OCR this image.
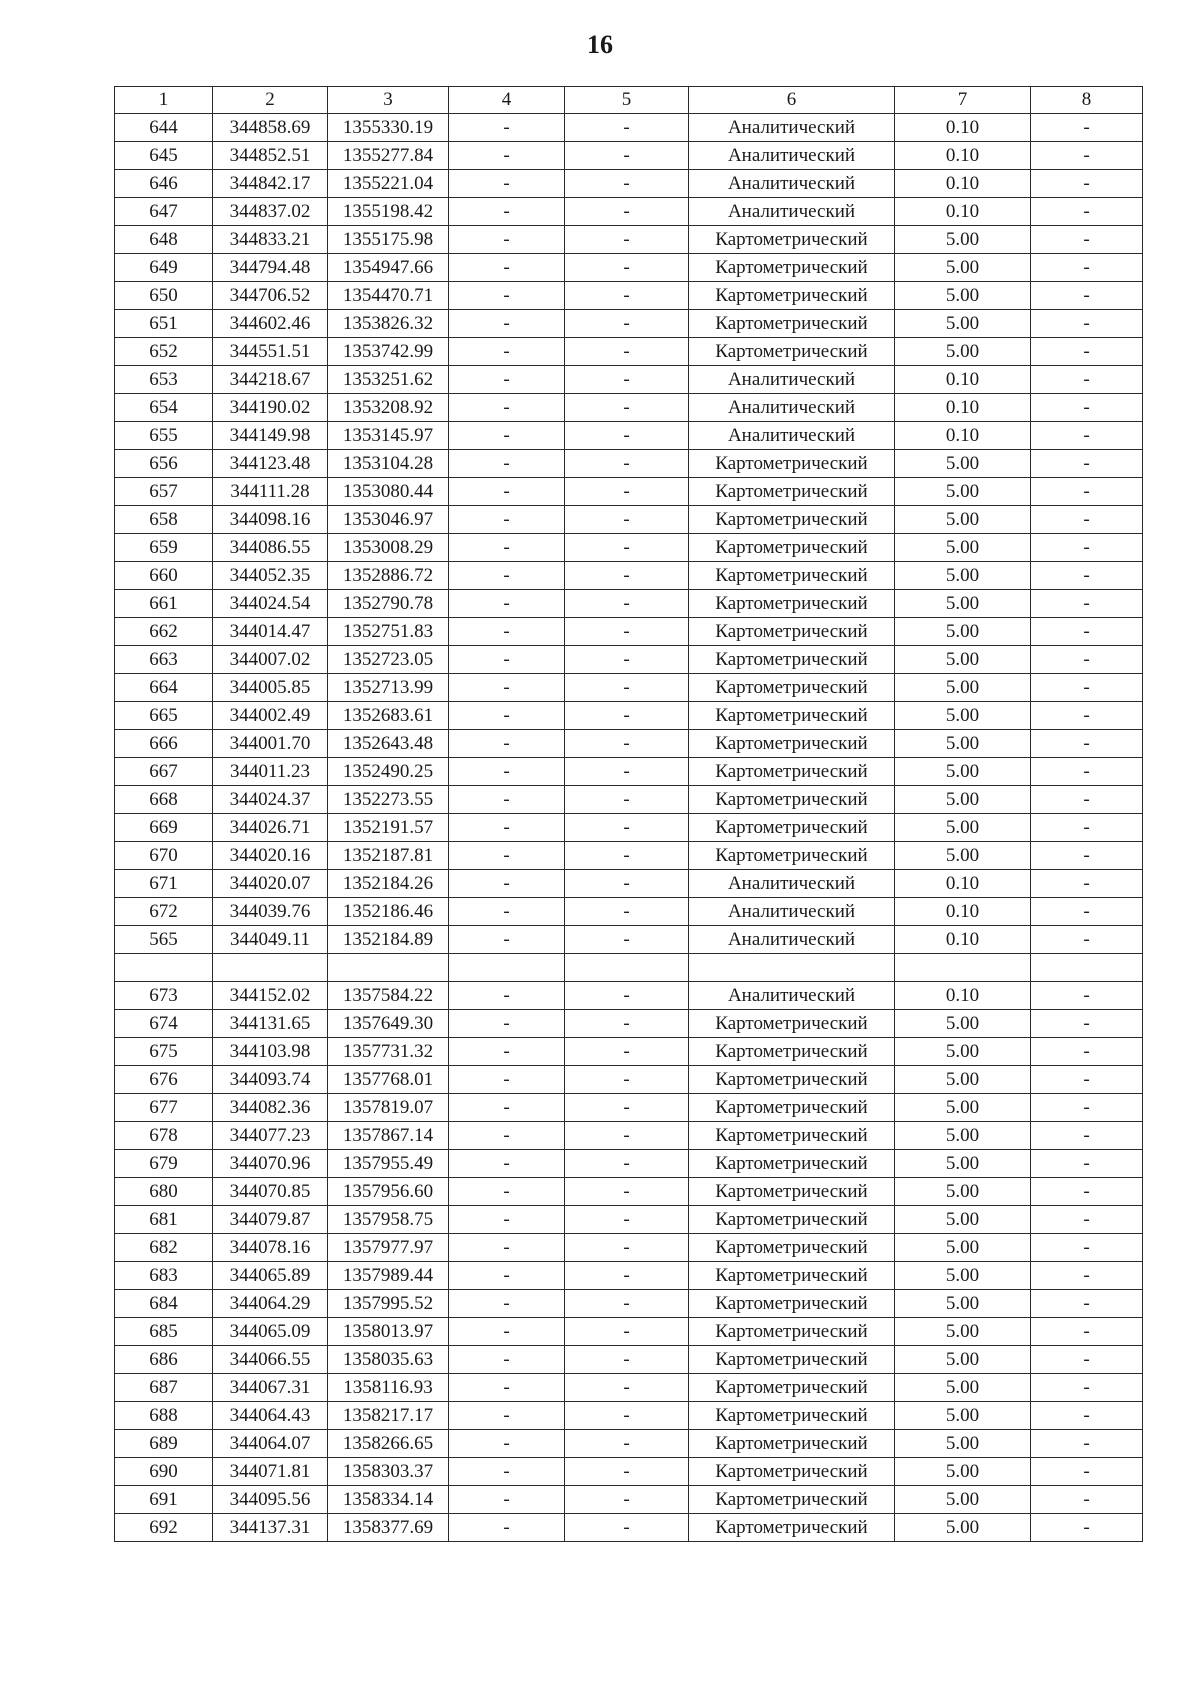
16
1	2	3	4	5	6	7	8
644	344858.69	1355330.19	-	-	Аналитический	0.10	-
645	344852.51	1355277.84	-	-	Аналитический	0.10	-
646	344842.17	1355221.04	-	-	Аналитический	0.10	-
647	344837.02	1355198.42	-	-	Аналитический	0.10	-
648	344833.21	1355175.98	-	-	Картометрический	5.00	-
649	344794.48	1354947.66	-	-	Картометрический	5.00	-
650	344706.52	1354470.71	-	-	Картометрический	5.00	-
651	344602.46	1353826.32	-	-	Картометрический	5.00	-
652	344551.51	1353742.99	-	-	Картометрический	5.00	-
653	344218.67	1353251.62	-	-	Аналитический	0.10	-
654	344190.02	1353208.92	-	-	Аналитический	0.10	-
655	344149.98	1353145.97	-	-	Аналитический	0.10	-
656	344123.48	1353104.28	-	-	Картометрический	5.00	-
657	344111.28	1353080.44	-	-	Картометрический	5.00	-
658	344098.16	1353046.97	-	-	Картометрический	5.00	-
659	344086.55	1353008.29	-	-	Картометрический	5.00	-
660	344052.35	1352886.72	-	-	Картометрический	5.00	-
661	344024.54	1352790.78	-	-	Картометрический	5.00	-
662	344014.47	1352751.83	-	-	Картометрический	5.00	-
663	344007.02	1352723.05	-	-	Картометрический	5.00	-
664	344005.85	1352713.99	-	-	Картометрический	5.00	-
665	344002.49	1352683.61	-	-	Картометрический	5.00	-
666	344001.70	1352643.48	-	-	Картометрический	5.00	-
667	344011.23	1352490.25	-	-	Картометрический	5.00	-
668	344024.37	1352273.55	-	-	Картометрический	5.00	-
669	344026.71	1352191.57	-	-	Картометрический	5.00	-
670	344020.16	1352187.81	-	-	Картометрический	5.00	-
671	344020.07	1352184.26	-	-	Аналитический	0.10	-
672	344039.76	1352186.46	-	-	Аналитический	0.10	-
565	344049.11	1352184.89	-	-	Аналитический	0.10	-

673	344152.02	1357584.22	-	-	Аналитический	0.10	-
674	344131.65	1357649.30	-	-	Картометрический	5.00	-
675	344103.98	1357731.32	-	-	Картометрический	5.00	-
676	344093.74	1357768.01	-	-	Картометрический	5.00	-
677	344082.36	1357819.07	-	-	Картометрический	5.00	-
678	344077.23	1357867.14	-	-	Картометрический	5.00	-
679	344070.96	1357955.49	-	-	Картометрический	5.00	-
680	344070.85	1357956.60	-	-	Картометрический	5.00	-
681	344079.87	1357958.75	-	-	Картометрический	5.00	-
682	344078.16	1357977.97	-	-	Картометрический	5.00	-
683	344065.89	1357989.44	-	-	Картометрический	5.00	-
684	344064.29	1357995.52	-	-	Картометрический	5.00	-
685	344065.09	1358013.97	-	-	Картометрический	5.00	-
686	344066.55	1358035.63	-	-	Картометрический	5.00	-
687	344067.31	1358116.93	-	-	Картометрический	5.00	-
688	344064.43	1358217.17	-	-	Картометрический	5.00	-
689	344064.07	1358266.65	-	-	Картометрический	5.00	-
690	344071.81	1358303.37	-	-	Картометрический	5.00	-
691	344095.56	1358334.14	-	-	Картометрический	5.00	-
692	344137.31	1358377.69	-	-	Картометрический	5.00	-
